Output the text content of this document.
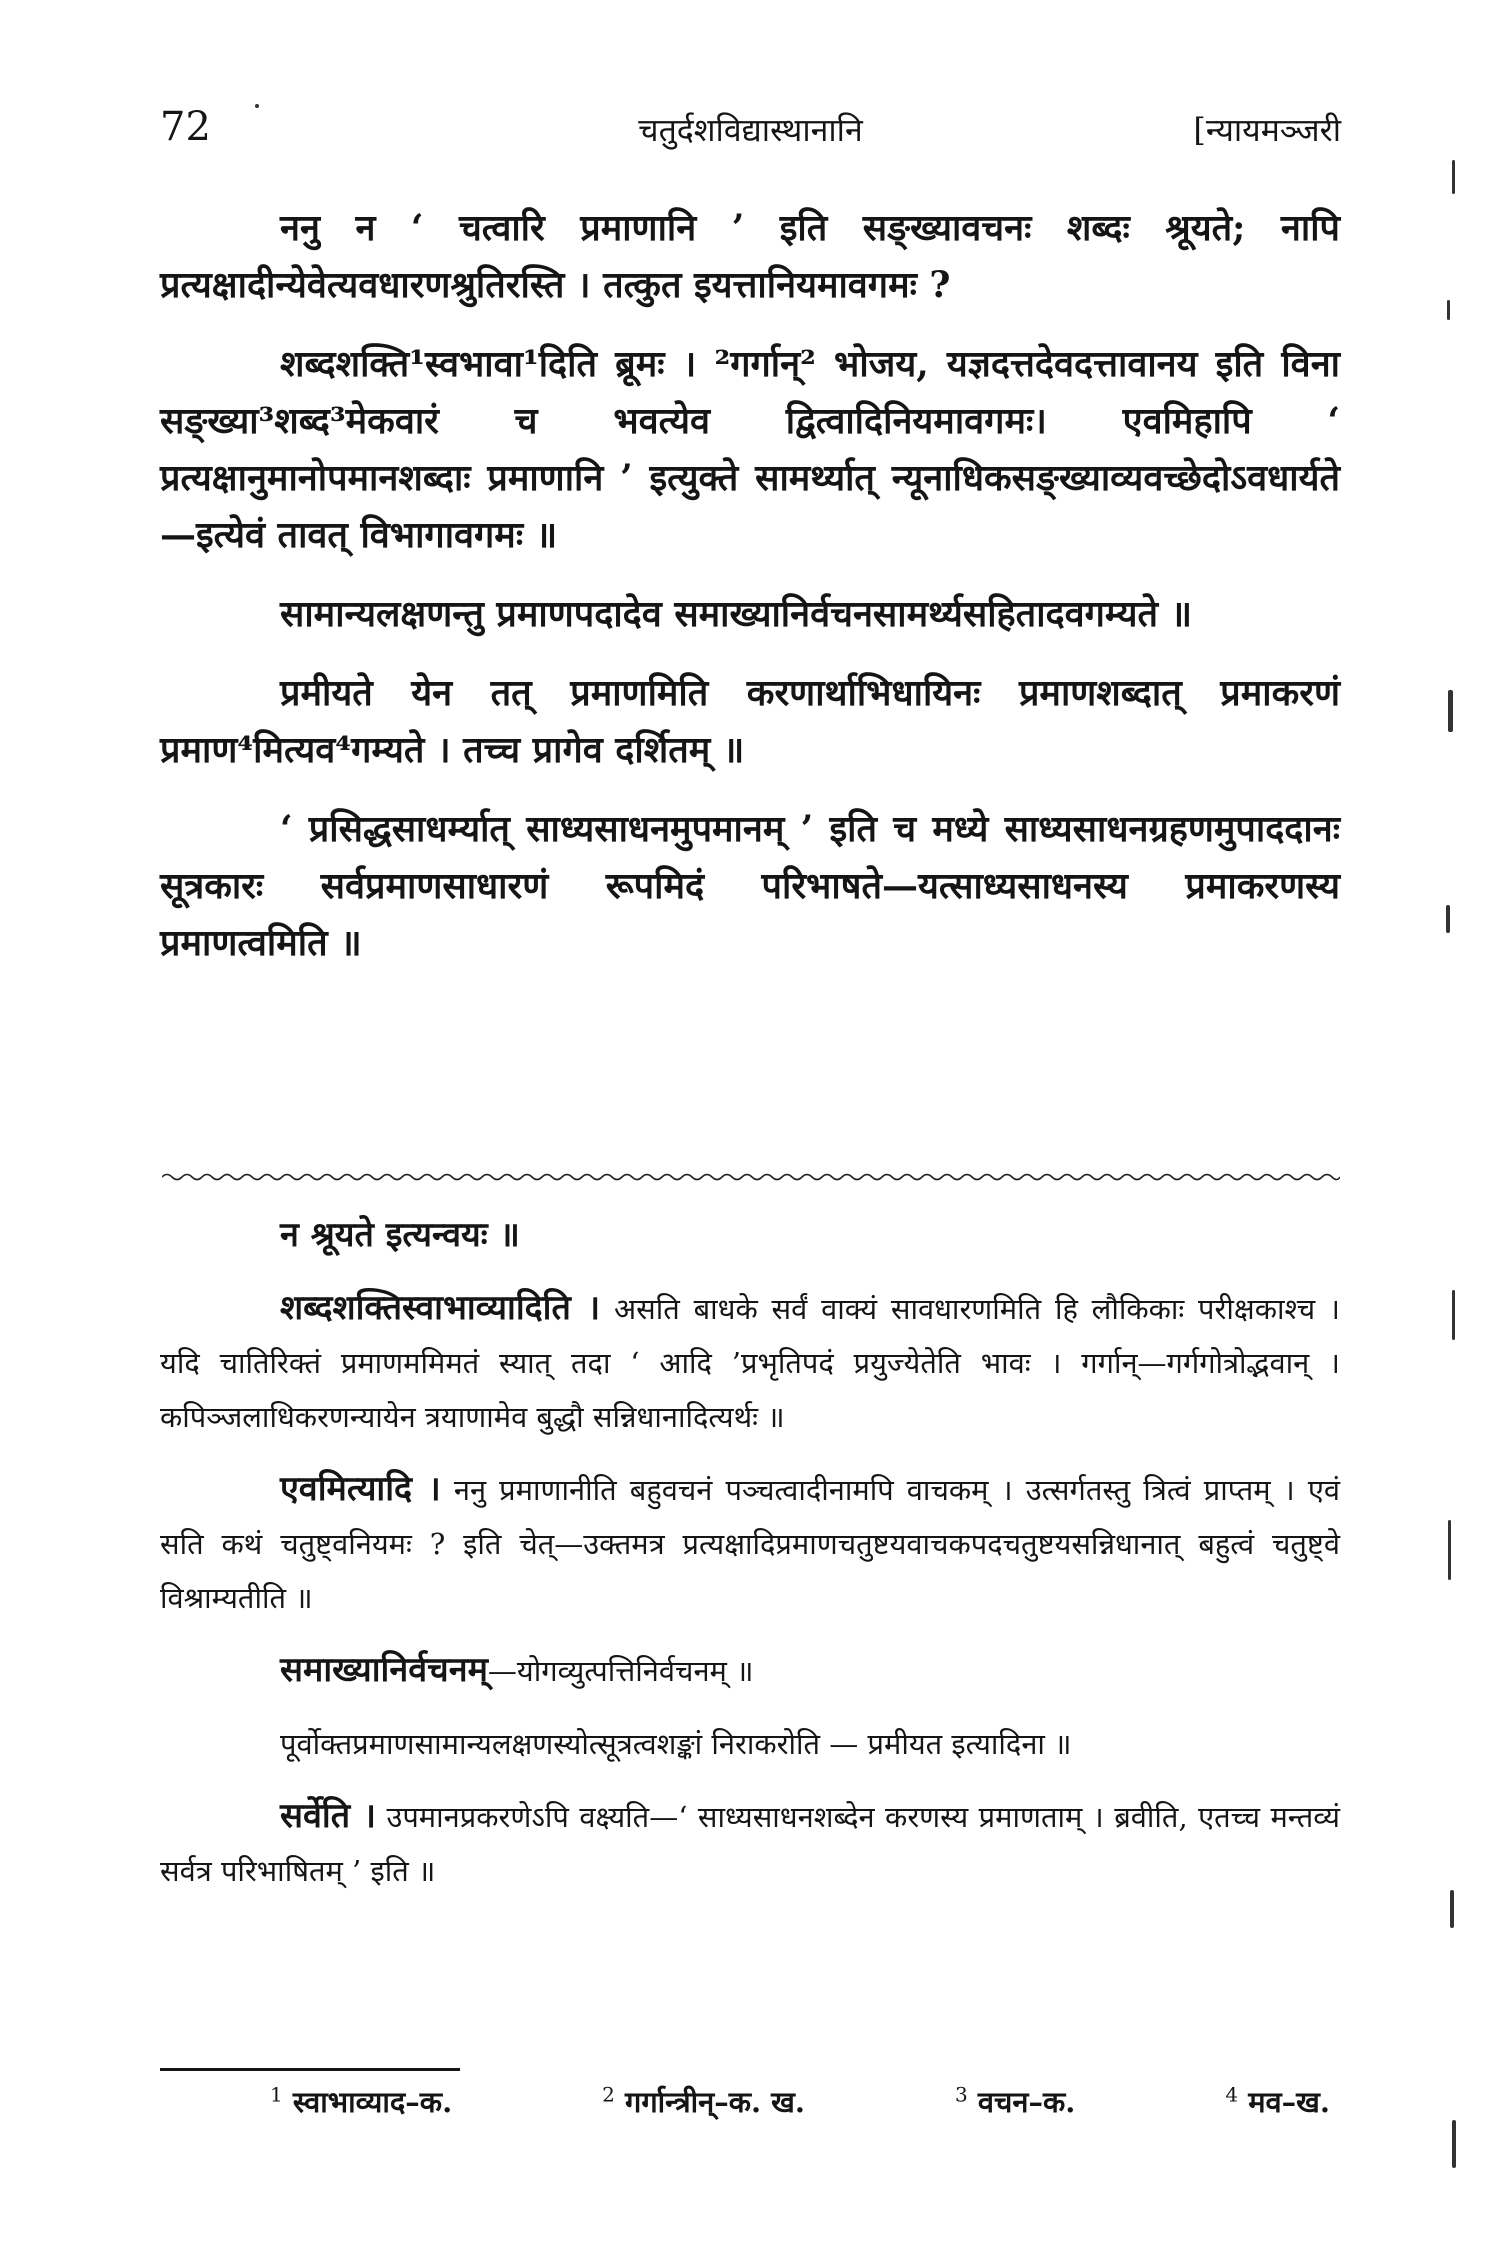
72	चतुर्दशविद्यास्थानानि	[न्यायमञ्जरी

ननु न ‘ चत्वारि प्रमाणानि ’ इति सङ्ख्यावचनः शब्दः श्रूयते; नापि प्रत्यक्षादीन्येवेत्यवधारणश्रुतिरस्ति । तत्कुत इयत्तानियमावगमः ?

शब्दशक्ति¹स्वभावा¹दिति ब्रूमः । ²गर्गान्² भोजय, यज्ञदत्तदेवदत्तावानय इति विना सङ्ख्या³शब्द³मेकवारं च भवत्येव द्वित्वादिनियमावगमः। एवमिहापि ‘ प्रत्यक्षानुमानोपमानशब्दाः प्रमाणानि ’ इत्युक्ते सामर्थ्यात् न्यूनाधिकसङ्ख्याव्यवच्छेदोऽवधार्यते—इत्येवं तावत् विभागावगमः ॥

सामान्यलक्षणन्तु प्रमाणपदादेव समाख्यानिर्वचनसामर्थ्यसहितादवगम्यते ॥

प्रमीयते येन तत् प्रमाणमिति करणार्थाभिधायिनः प्रमाणशब्दात् प्रमाकरणं प्रमाण⁴मित्यव⁴गम्यते । तच्च प्रागेव दर्शितम् ॥

‘ प्रसिद्धसाधर्म्यात् साध्यसाधनमुपमानम् ’ इति च मध्ये साध्यसाधनग्रहणमुपाददानः सूत्रकारः सर्वप्रमाणसाधारणं रूपमिदं परिभाषते—यत्साध्यसाधनस्य प्रमाकरणस्य प्रमाणत्वमिति ॥

न श्रूयते इत्यन्वयः ॥

शब्दशक्तिस्वाभाव्यादिति । असति बाधके सर्वं वाक्यं सावधारणमिति हि लौकिकाः परीक्षकाश्च । यदि चातिरिक्तं प्रमाणममिमतं स्यात् तदा ‘ आदि ’प्रभृतिपदं प्रयुज्येतेति भावः । गर्गान्—गर्गगोत्रोद्भवान् । कपिञ्जलाधिकरणन्यायेन त्रयाणामेव बुद्धौ सन्निधानादित्यर्थः ॥

एवमित्यादि । ननु प्रमाणानीति बहुवचनं पञ्चत्वादीनामपि वाचकम् । उत्सर्गतस्तु त्रित्वं प्राप्तम् । एवं सति कथं चतुष्ट्वनियमः ? इति चेत्—उक्तमत्र प्रत्यक्षादिप्रमाणचतुष्टयवाचकपदचतुष्टयसन्निधानात् बहुत्वं चतुष्ट्वे विश्राम्यतीति ॥

समाख्यानिर्वचनम्—योगव्युत्पत्तिनिर्वचनम् ॥

पूर्वोक्तप्रमाणसामान्यलक्षणस्योत्सूत्रत्वशङ्कां निराकरोति — प्रमीयत इत्यादिना ॥

सर्वेति । उपमानप्रकरणेऽपि वक्ष्यति—‘ साध्यसाधनशब्देन करणस्य प्रमाणताम् । ब्रवीति, एतच्च मन्तव्यं सर्वत्र परिभाषितम् ’ इति ॥

$^1$ स्वाभाव्याद–क.	$^2$ गर्गान्त्रीन्–क. ख.	$^3$ वचन–क.	$^4$ मव–ख.
